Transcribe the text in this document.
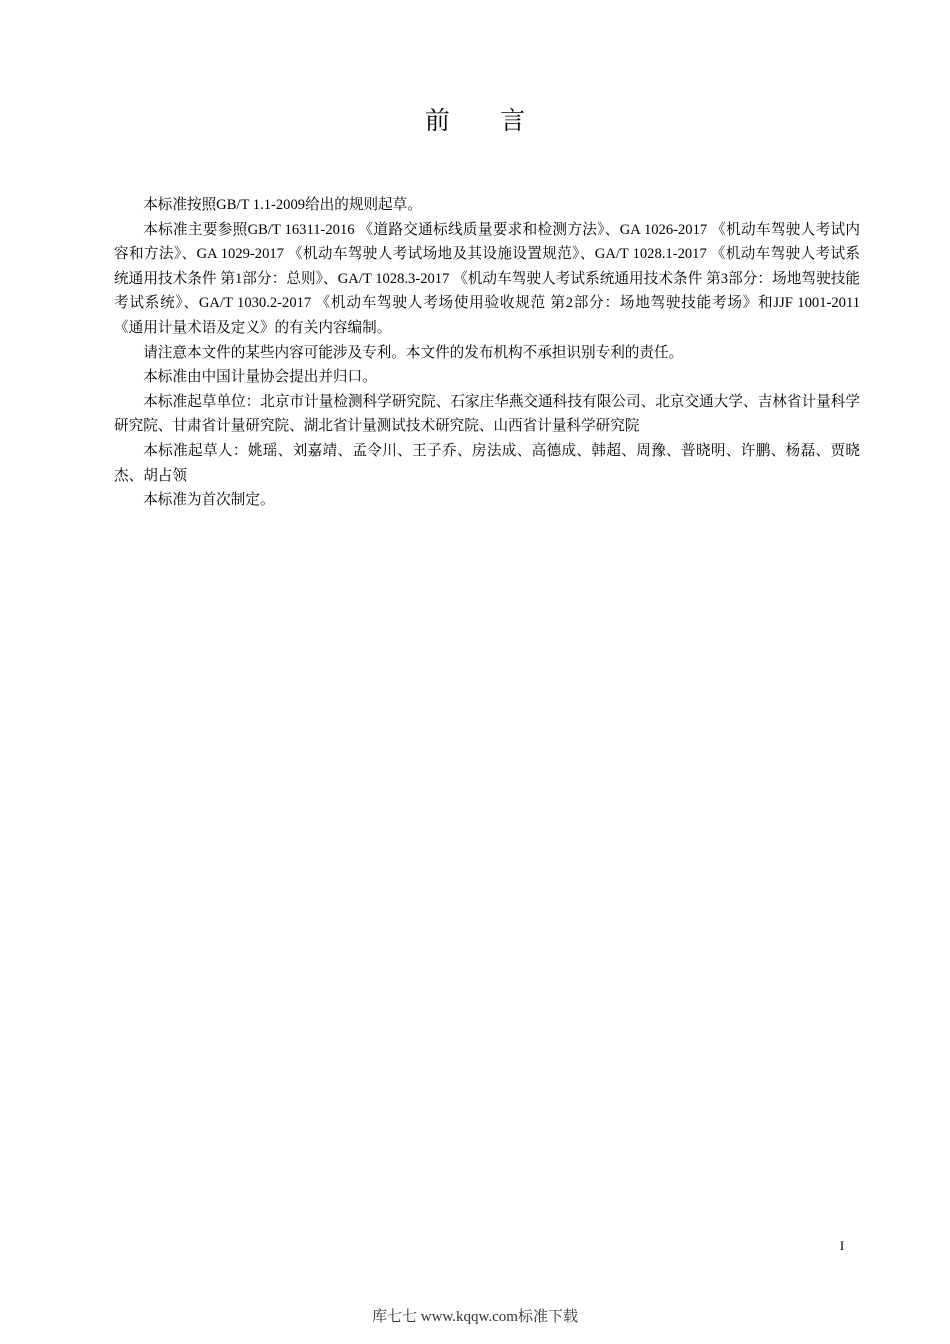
前 言

本标准按照GB/T 1.1-2009给出的规则起草。

本标准主要参照GB/T 16311-2016 《道路交通标线质量要求和检测方法》、GA 1026-2017 《机动车驾驶人考试内容和方法》、GA 1029-2017 《机动车驾驶人考试场地及其设施设置规范》、GA/T 1028.1-2017 《机动车驾驶人考试系统通用技术条件 第1部分：总则》、GA/T 1028.3-2017 《机动车驾驶人考试系统通用技术条件 第3部分：场地驾驶技能考试系统》、GA/T 1030.2-2017 《机动车驾驶人考场使用验收规范 第2部分：场地驾驶技能考场》和JJF 1001-2011 《通用计量术语及定义》的有关内容编制。

请注意本文件的某些内容可能涉及专利。本文件的发布机构不承担识别专利的责任。

本标准由中国计量协会提出并归口。

本标准起草单位：北京市计量检测科学研究院、石家庄华燕交通科技有限公司、北京交通大学、吉林省计量科学研究院、甘肃省计量研究院、湖北省计量测试技术研究院、山西省计量科学研究院

本标准起草人：姚瑶、刘嘉靖、孟令川、王子乔、房法成、高德成、韩超、周豫、普晓明、许鹏、杨磊、贾晓杰、胡占领

本标准为首次制定。

I
库七七 www.kqqw.com标准下载
